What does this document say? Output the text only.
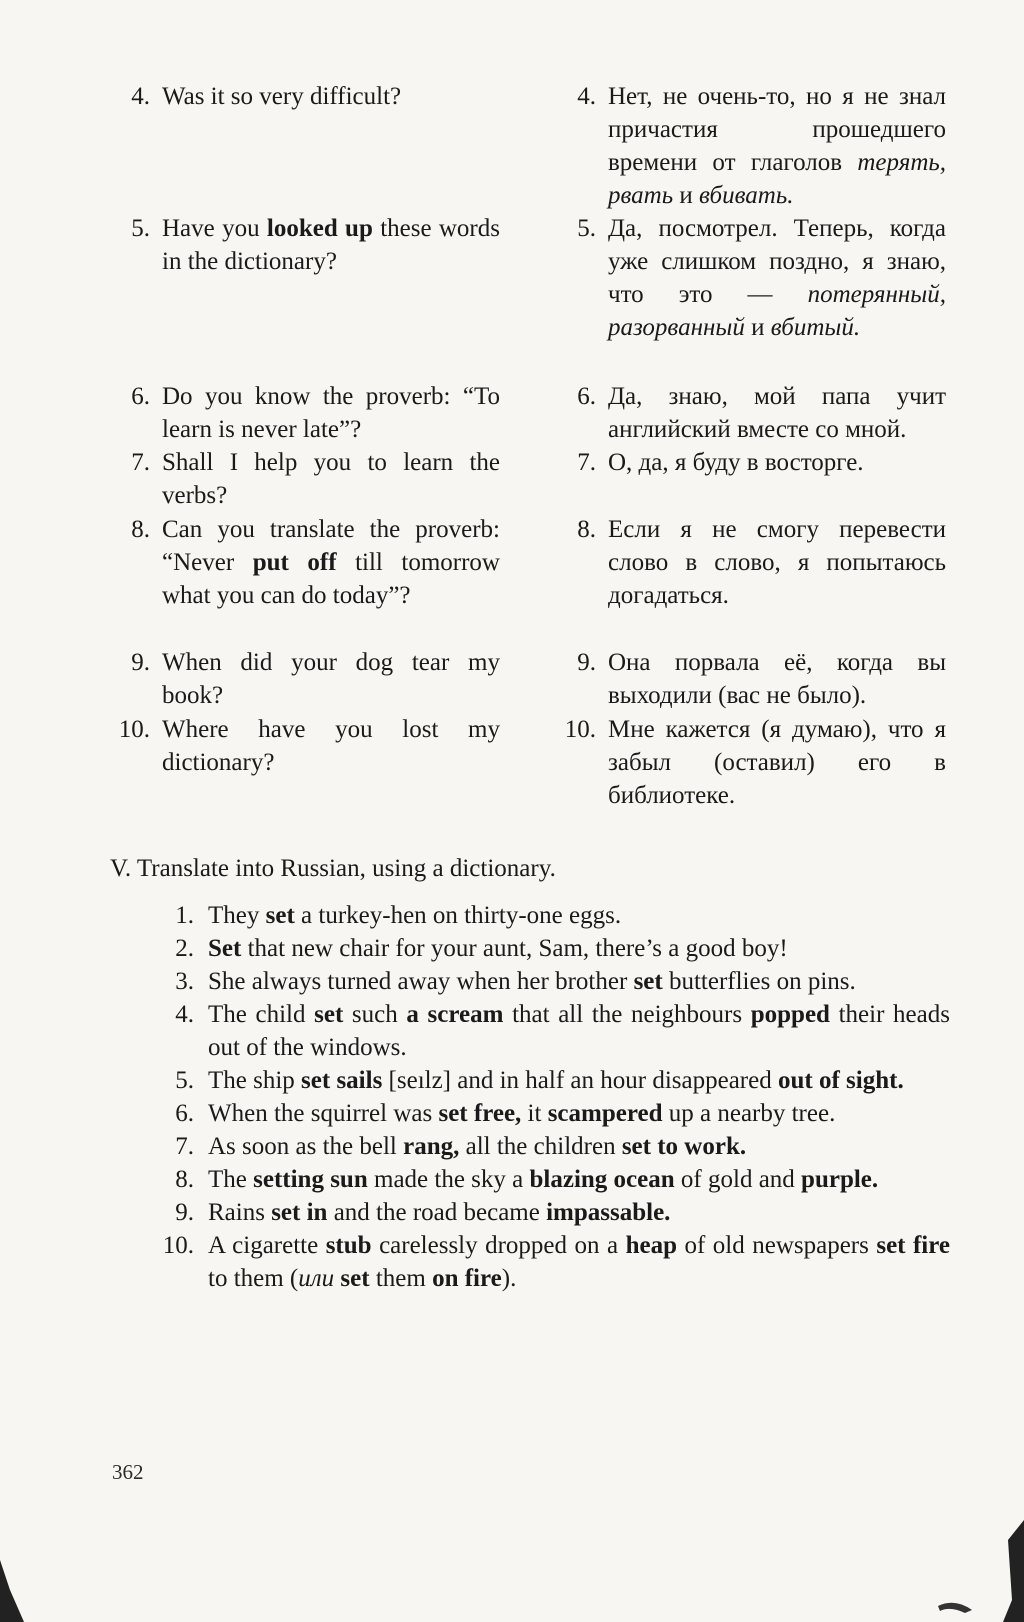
4. Was it so very difficult?	4. Нет, не очень-то, но я не знал причастия прошедшего времени от глаголов терять, рвать и вбивать.
5. Have you looked up these words in the dictionary?
5. Да, посмотрел. Теперь, когда уже слишком поздно, я знаю, что это — потерянный, разорванный и вбитый.
6. Do you know the proverb: “To learn is never late”?
6. Да, знаю, мой папа учит английский вместе со мной.
7. Shall I help you to learn the verbs?
7. О, да, я буду в восторге.
8. Can you translate the proverb: “Never put off till tomorrow what you can do today”?
8. Если я не смогу перевести слово в слово, я попытаюсь догадаться.
9. When did your dog tear my book?
9. Она порвала её, когда вы выходили (вас не было).
10. Where have you lost my dictionary?
10. Мне кажется (я думаю), что я забыл (оставил) его в библиотеке.
V. Translate into Russian, using a dictionary.
1. They set a turkey-hen on thirty-one eggs.
2. Set that new chair for your aunt, Sam, there’s a good boy!
3. She always turned away when her brother set butterflies on pins.
4. The child set such a scream that all the neighbours popped their heads out of the windows.
5. The ship set sails [seılz] and in half an hour disappeared out of sight.
6. When the squirrel was set free, it scampered up a nearby tree.
7. As soon as the bell rang, all the children set to work.
8. The setting sun made the sky a blazing ocean of gold and purple.
9. Rains set in and the road became impassable.
10. A cigarette stub carelessly dropped on a heap of old newspapers set fire to them (или set them on fire).
362
